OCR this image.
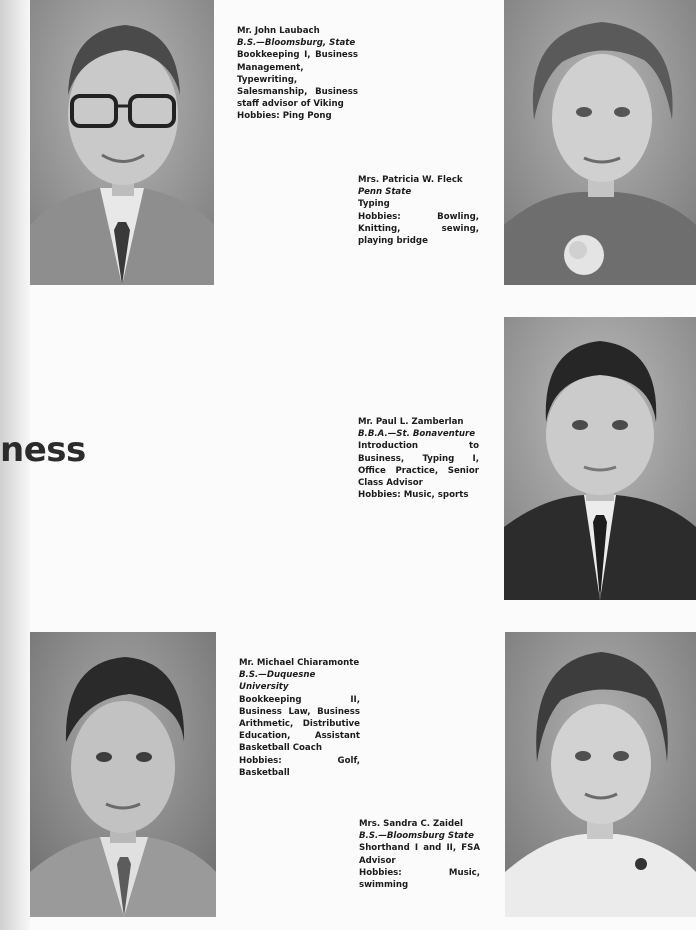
ness

Mr. John Laubach

B.S.—Bloomsburg, State

Bookkeeping I, Business Management, Typewriting, Salesmanship, Business staff advisor of Viking

Hobbies: Ping Pong

Mrs. Patricia W. Fleck

Penn State

Typing

Hobbies: Bowling, Knitting, sewing, playing bridge

Mr. Paul L. Zamberlan

B.B.A.—St. Bonaventure

Introduction to Business, Typing I, Office Practice, Senior Class Advisor

Hobbies: Music, sports

Mr. Michael Chiaramonte

B.S.—Duquesne University

Bookkeeping II, Business Law, Business Arithmetic, Distributive Education, Assistant Basketball Coach

Hobbies: Golf, Basketball

Mrs. Sandra C. Zaidel

B.S.—Bloomsburg State

Shorthand I and II, FSA Advisor

Hobbies: Music, swimming
